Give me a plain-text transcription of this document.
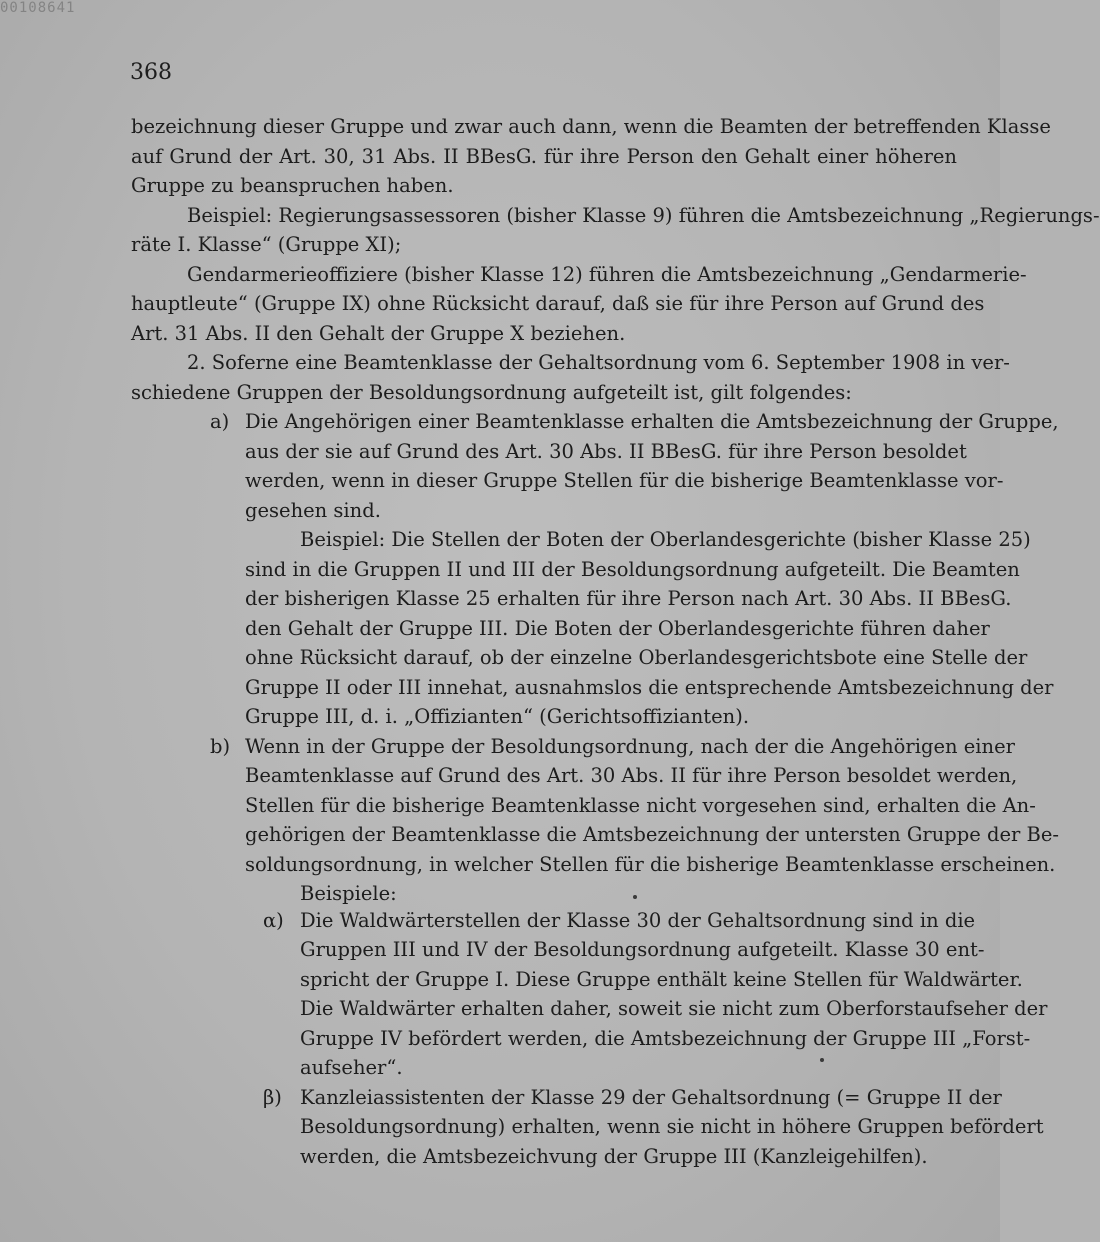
00108641
368
bezeichnung dieser Gruppe und zwar auch dann, wenn die Beamten der betreffenden Klasse
auf Grund der Art. 30, 31 Abs. II BBesG. für ihre Person den Gehalt einer höheren
Gruppe zu beanspruchen haben.
Beispiel: Regierungsassessoren (bisher Klasse 9) führen die Amtsbezeichnung „Regierungs-
räte I. Klasse“ (Gruppe XI);
Gendarmerieoffiziere (bisher Klasse 12) führen die Amtsbezeichnung „Gendarmerie-
hauptleute“ (Gruppe IX) ohne Rücksicht darauf, daß sie für ihre Person auf Grund des
Art. 31 Abs. II den Gehalt der Gruppe X beziehen.
2. Soferne eine Beamtenklasse der Gehaltsordnung vom 6. September 1908 in ver-
schiedene Gruppen der Besoldungsordnung aufgeteilt ist, gilt folgendes:
a) Die Angehörigen einer Beamtenklasse erhalten die Amtsbezeichnung der Gruppe,
aus der sie auf Grund des Art. 30 Abs. II BBesG. für ihre Person besoldet
werden, wenn in dieser Gruppe Stellen für die bisherige Beamtenklasse vor-
gesehen sind.
Beispiel: Die Stellen der Boten der Oberlandesgerichte (bisher Klasse 25)
sind in die Gruppen II und III der Besoldungsordnung aufgeteilt. Die Beamten
der bisherigen Klasse 25 erhalten für ihre Person nach Art. 30 Abs. II BBesG.
den Gehalt der Gruppe III. Die Boten der Oberlandesgerichte führen daher
ohne Rücksicht darauf, ob der einzelne Oberlandesgerichtsbote eine Stelle der
Gruppe II oder III innehat, ausnahmslos die entsprechende Amtsbezeichnung der
Gruppe III, d. i. „Offizianten“ (Gerichtsoffizianten).
b) Wenn in der Gruppe der Besoldungsordnung, nach der die Angehörigen einer
Beamtenklasse auf Grund des Art. 30 Abs. II für ihre Person besoldet werden,
Stellen für die bisherige Beamtenklasse nicht vorgesehen sind, erhalten die An-
gehörigen der Beamtenklasse die Amtsbezeichnung der untersten Gruppe der Be-
soldungsordnung, in welcher Stellen für die bisherige Beamtenklasse erscheinen.
Beispiele:
α) Die Waldwärterstellen der Klasse 30 der Gehaltsordnung sind in die
Gruppen III und IV der Besoldungsordnung aufgeteilt. Klasse 30 ent-
spricht der Gruppe I. Diese Gruppe enthält keine Stellen für Waldwärter.
Die Waldwärter erhalten daher, soweit sie nicht zum Oberforstaufseher der
Gruppe IV befördert werden, die Amtsbezeichnung der Gruppe III „Forst-
aufseher“.
β) Kanzleiassistenten der Klasse 29 der Gehaltsordnung (= Gruppe II der
Besoldungsordnung) erhalten, wenn sie nicht in höhere Gruppen befördert
werden, die Amtsbezeichvung der Gruppe III (Kanzleigehilfen).
